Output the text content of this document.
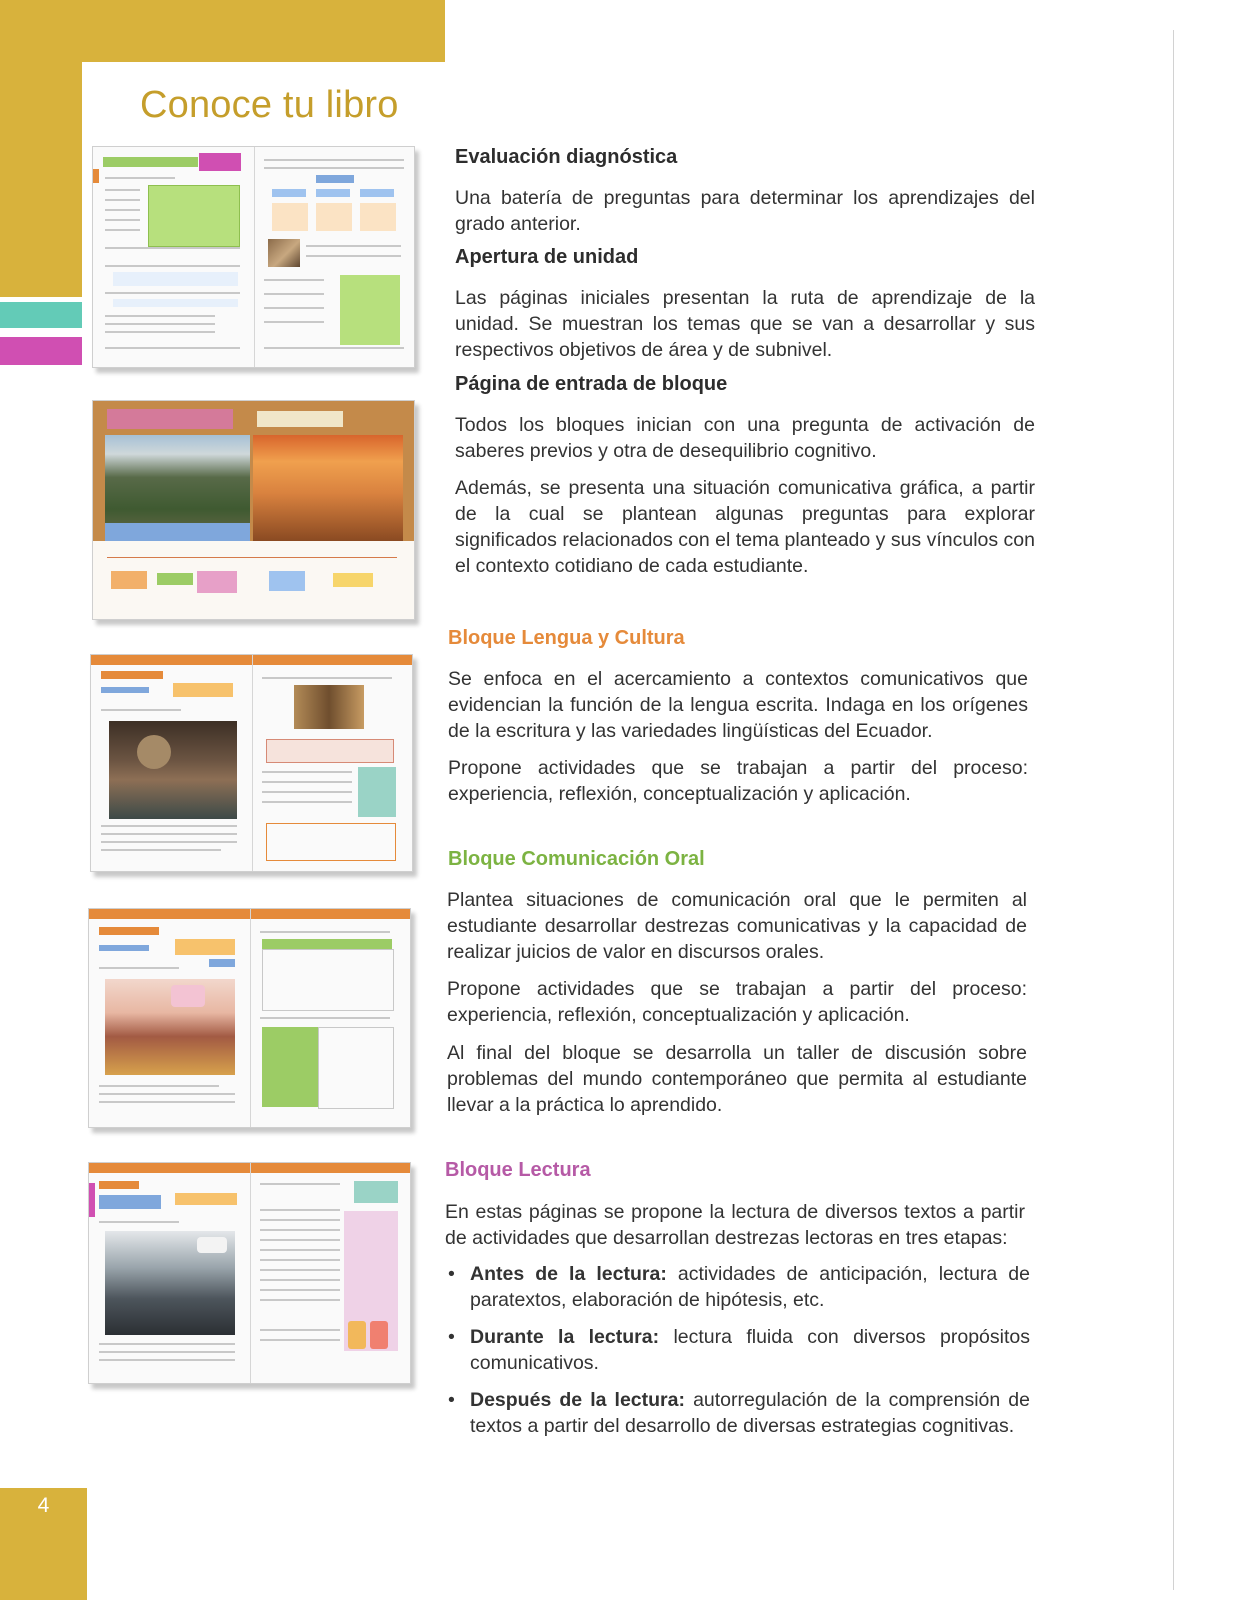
4
Conoce tu libro
Evaluación diagnóstica

Una batería de preguntas para determinar los aprendizajes del grado anterior.

Apertura de unidad

Las páginas iniciales presentan la ruta de aprendizaje de la unidad. Se muestran los temas que se van a desarrollar y sus respectivos objetivos de área y de subnivel.

Página de entrada de bloque

Todos los bloques inician con una pregunta de activación de saberes previos y otra de desequilibrio cognitivo.

Además, se presenta una situación comunicativa gráfica, a partir de la cual se plantean algunas preguntas para explorar significados relacionados con el tema planteado y sus vínculos con el contexto cotidiano de cada estudiante.

Bloque Lengua y Cultura

Se enfoca en el acercamiento a contextos comunicativos que evidencian la función de la lengua escrita. Indaga en los orígenes de la escritura y las variedades lingüísticas del Ecuador.

Propone actividades que se trabajan a partir del proceso: experiencia, reflexión, conceptualización y aplicación.

Bloque Comunicación Oral

Plantea situaciones de comunicación oral que le permiten al estudiante desarrollar destrezas comunicativas y la capacidad de realizar juicios de valor en discursos orales.

Propone actividades que se trabajan a partir del proceso: experiencia, reflexión, conceptualización y aplicación.

Al final del bloque se desarrolla un taller de discusión sobre problemas del mundo contemporáneo que permita al estudiante llevar a la práctica lo aprendido.

Bloque Lectura

En estas páginas se propone la lectura de diversos textos a partir de actividades que desarrollan destrezas lectoras en tres etapas:

• Antes de la lectura: actividades de anticipación, lectura de paratextos, elaboración de hipótesis, etc.
• Durante la lectura: lectura fluida con diversos propósitos comunicativos.
• Después de la lectura: autorregulación de la comprensión de textos a partir del desarrollo de diversas estrategias cognitivas.
